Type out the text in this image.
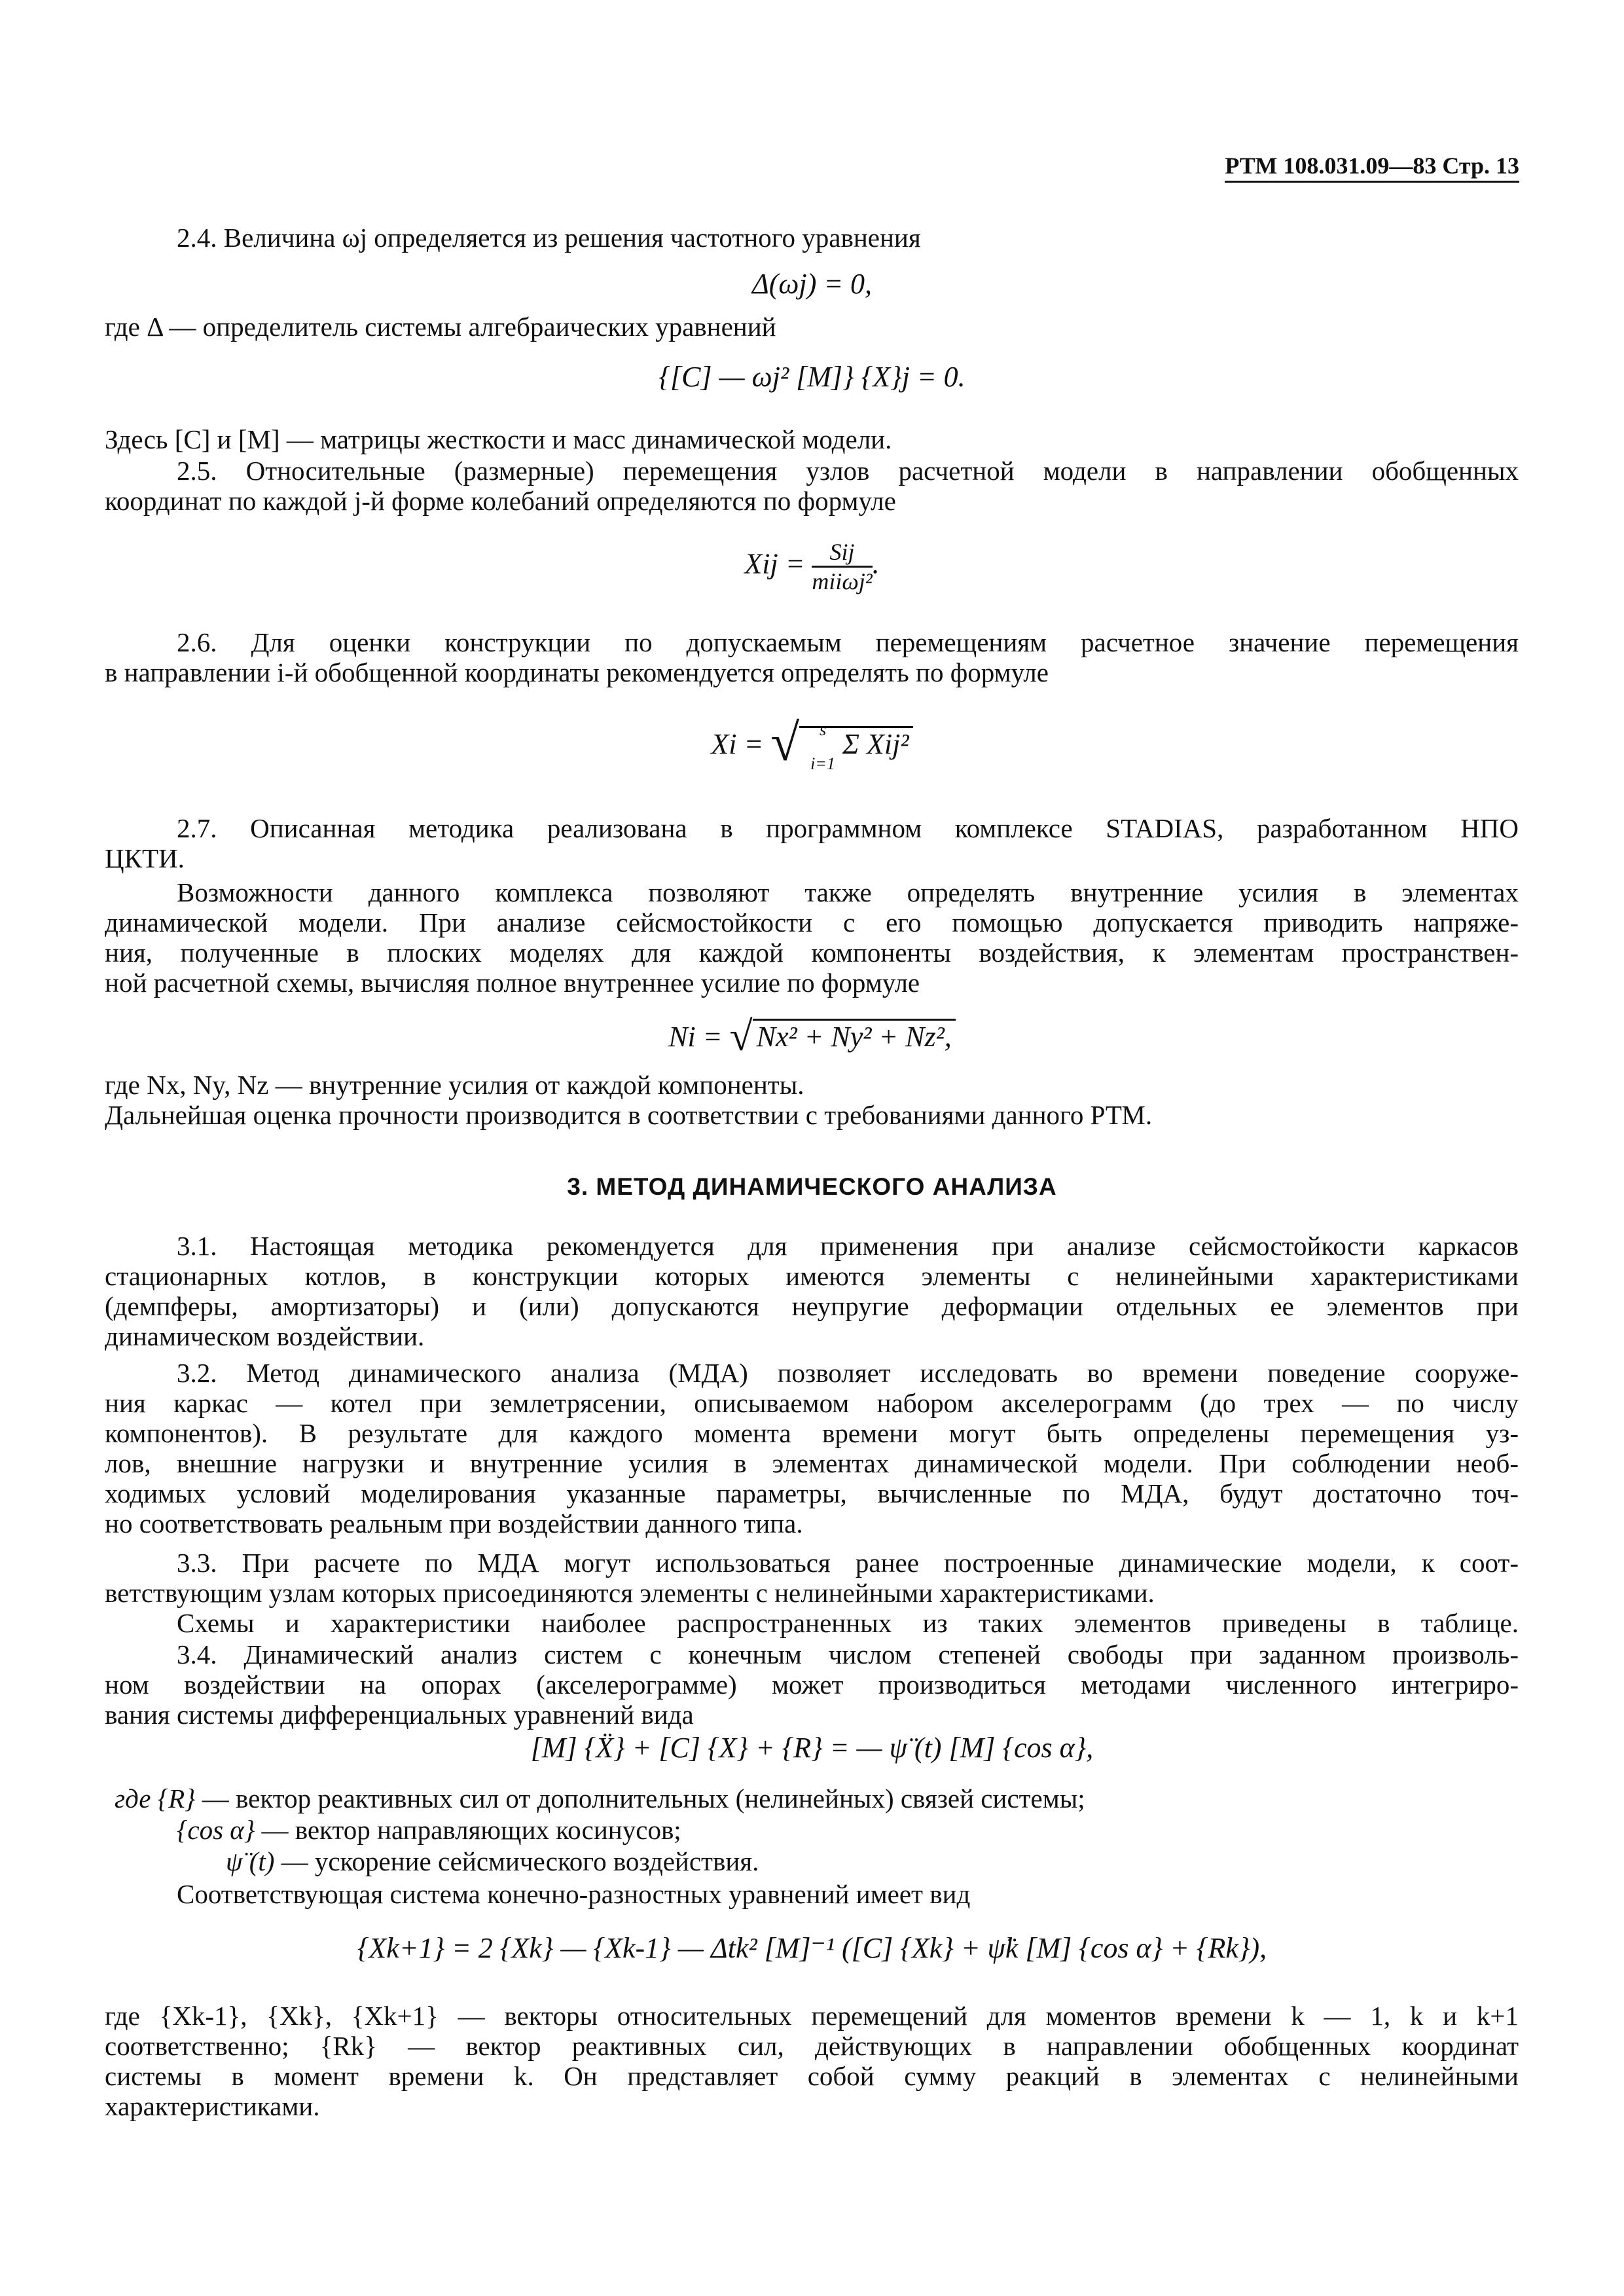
РТМ 108.031.09—83 Стр. 13
2.4. Величина ωj определяется из решения частотного уравнения
Δ(ωj) = 0,
где Δ — определитель системы алгебраических уравнений
{[C] — ωj² [M]} {X}j = 0.
Здесь [C] и [M] — матрицы жесткости и масс динамической модели.
2.5. Относительные (размерные) перемещения узлов расчетной модели в направлении обобщенных
координат по каждой j-й форме колебаний определяются по формуле
Xij = $\frac{\text{Sij}}{\text{miiωj²}}$ .
2.6. Для оценки конструкции по допускаемым перемещениям расчетное значение перемещения
в направлении i-й обобщенной координаты рекомендуется определять по формуле
Xi = √	s
i=1
Σ Xij²
2.7. Описанная методика реализована в программном комплексе STADIAS, разработанном НПО
ЦКТИ.
Возможности данного комплекса позволяют также определять внутренние усилия в элементах
динамической модели. При анализе сейсмостойкости с его помощью допускается приводить напряже-
ния, полученные в плоских моделях для каждой компоненты воздействия, к элементам пространствен-
ной расчетной схемы, вычисляя полное внутреннее усилие по формуле
Ni = √ Nx² + Ny² + Nz²,
где Nx, Ny, Nz — внутренние усилия от каждой компоненты.
Дальнейшая оценка прочности производится в соответствии с требованиями данного РТМ.
3. МЕТОД ДИНАМИЧЕСКОГО АНАЛИЗА
3.1. Настоящая методика рекомендуется для применения при анализе сейсмостойкости каркасов
стационарных котлов, в конструкции которых имеются элементы с нелинейными характеристиками
(демпферы, амортизаторы) и (или) допускаются неупругие деформации отдельных ее элементов при
динамическом воздействии.
3.2. Метод динамического анализа (МДА) позволяет исследовать во времени поведение сооруже-
ния каркас — котел при землетрясении, описываемом набором акселерограмм (до трех — по числу
компонентов). В результате для каждого момента времени могут быть определены перемещения уз-
лов, внешние нагрузки и внутренние усилия в элементах динамической модели. При соблюдении необ-
ходимых условий моделирования указанные параметры, вычисленные по МДА, будут достаточно точ-
но соответствовать реальным при воздействии данного типа.
3.3. При расчете по МДА могут использоваться ранее построенные динамические модели, к соот-
ветствующим узлам которых присоединяются элементы с нелинейными характеристиками.
Схемы и характеристики наиболее распространенных из таких элементов приведены в таблице.
3.4. Динамический анализ систем с конечным числом степеней свободы при заданном произволь-
ном воздействии на опорах (акселерограмме) может производиться методами численного интегриро-
вания системы дифференциальных уравнений вида
[M] {Ẍ} + [C] {X} + {R} = — ψ̈ (t) [M] {cos α},
где {R} — вектор реактивных сил от дополнительных (нелинейных) связей системы;
{cos α} — вектор направляющих косинусов;
ψ̈ (t) — ускорение сейсмического воздействия.
Соответствующая система конечно-разностных уравнений имеет вид
{Xk+1} = 2 {Xk} — {Xk-1} — Δtk² [M]⁻¹ ([C] {Xk} + ψ̈k [M] {cos α} + {Rk}),
где {Xk-1}, {Xk}, {Xk+1} — векторы относительных перемещений для моментов времени k — 1, k и k+1
соответственно; {Rk} — вектор реактивных сил, действующих в направлении обобщенных координат
системы в момент времени k. Он представляет собой сумму реакций в элементах с нелинейными
характеристиками.
